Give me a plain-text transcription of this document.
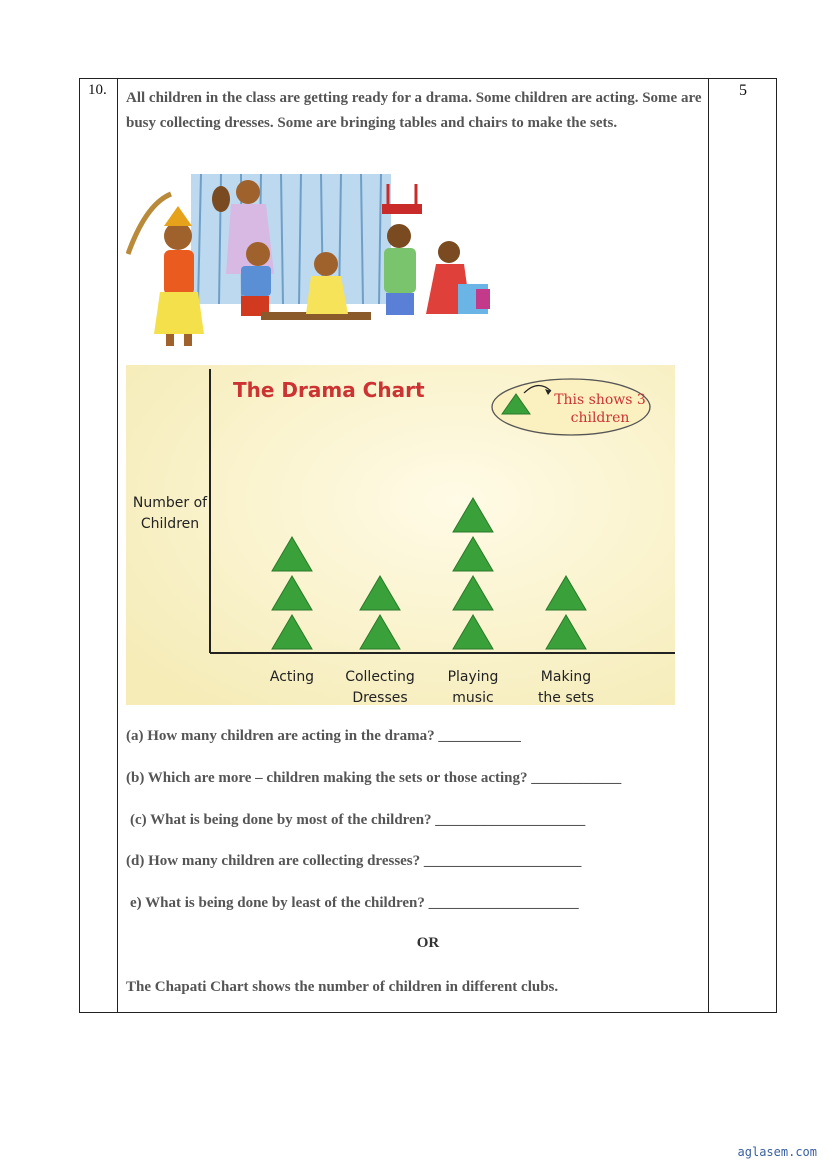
10.	5
All children in the class are getting ready for a drama. Some children are acting. Some are busy collecting dresses. Some are bringing tables and chairs to make the sets.
The Drama Chart
Number of
Children
This shows 3
children
Acting Collecting
Dresses
Playing
music
Making
the sets
(a) How many children are acting in the drama? ___________
(b) Which are more – children making the sets or those acting? ____________
(c) What is being done by most of the children? ____________________
(d) How many children are collecting dresses? _____________________
e) What is being done by least of the children? ____________________
OR
The Chapati Chart shows the number of children in different clubs.
aglasem.com
